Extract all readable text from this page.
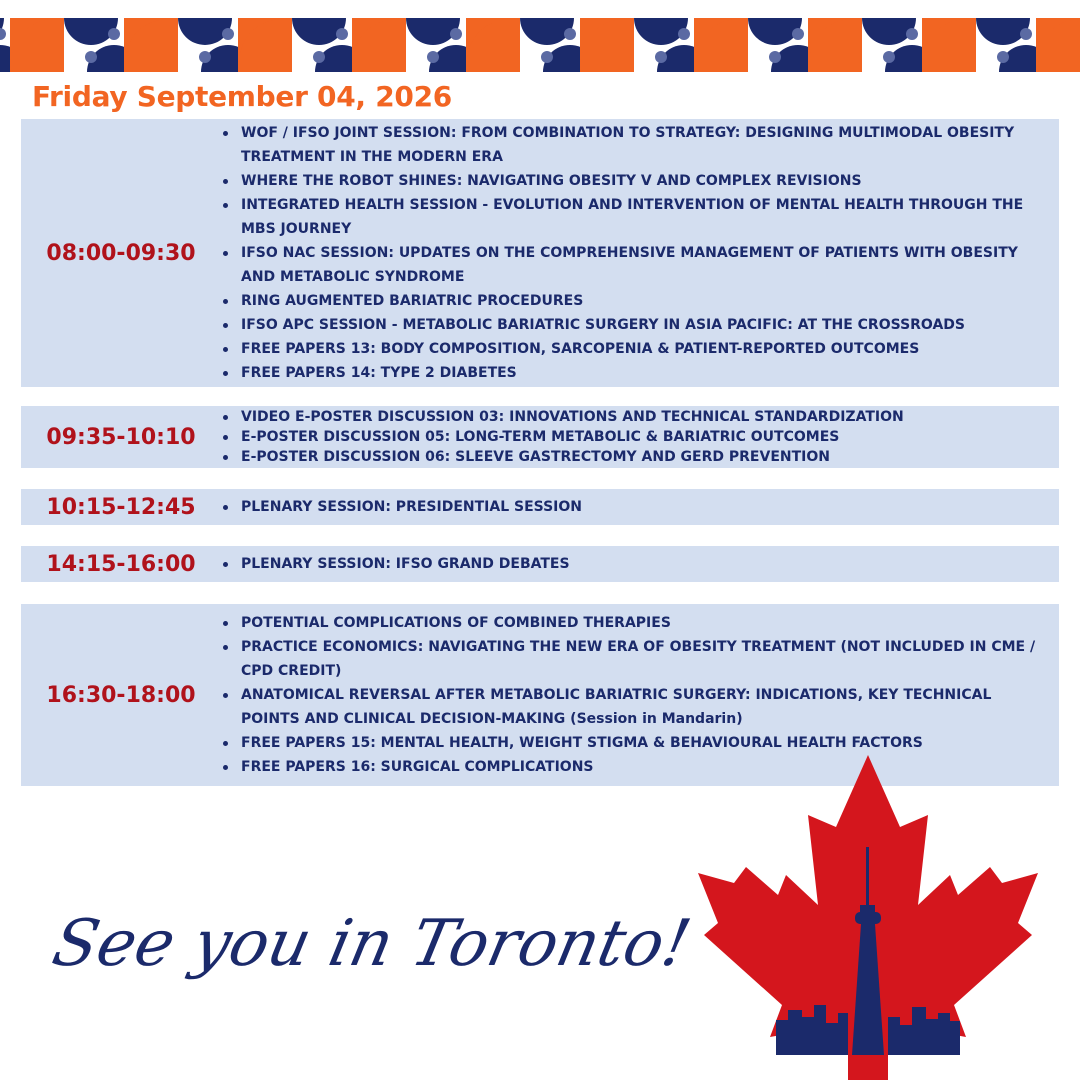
Friday September 04, 2026
08:00-09:30
WOF / IFSO JOINT SESSION: FROM COMBINATION TO STRATEGY: DESIGNING MULTIMODAL OBESITY TREATMENT IN THE MODERN ERA
WHERE THE ROBOT SHINES: NAVIGATING OBESITY V AND COMPLEX REVISIONS
INTEGRATED HEALTH SESSION - EVOLUTION AND INTERVENTION OF MENTAL HEALTH THROUGH THE MBS JOURNEY
IFSO NAC SESSION: UPDATES ON THE COMPREHENSIVE MANAGEMENT OF PATIENTS WITH OBESITY AND METABOLIC SYNDROME
RING AUGMENTED BARIATRIC PROCEDURES
IFSO APC SESSION - METABOLIC BARIATRIC SURGERY IN ASIA PACIFIC: AT THE CROSSROADS
FREE PAPERS 13: BODY COMPOSITION, SARCOPENIA & PATIENT-REPORTED OUTCOMES
FREE PAPERS 14: TYPE 2 DIABETES
09:35-10:10
VIDEO E-POSTER DISCUSSION 03: INNOVATIONS AND TECHNICAL STANDARDIZATION
E-POSTER DISCUSSION 05: LONG-TERM METABOLIC & BARIATRIC OUTCOMES
E-POSTER DISCUSSION 06: SLEEVE GASTRECTOMY AND GERD PREVENTION
10:15-12:45	PLENARY SESSION: PRESIDENTIAL SESSION
14:15-16:00	PLENARY SESSION: IFSO GRAND DEBATES
16:30-18:00
POTENTIAL COMPLICATIONS OF COMBINED THERAPIES
PRACTICE ECONOMICS: NAVIGATING THE NEW ERA OF OBESITY TREATMENT (NOT INCLUDED IN CME / CPD CREDIT)
ANATOMICAL REVERSAL AFTER METABOLIC BARIATRIC SURGERY: INDICATIONS, KEY TECHNICAL POINTS AND CLINICAL DECISION-MAKING (Session in Mandarin)
FREE PAPERS 15: MENTAL HEALTH, WEIGHT STIGMA & BEHAVIOURAL HEALTH FACTORS
FREE PAPERS 16: SURGICAL COMPLICATIONS
See you in Toronto!
